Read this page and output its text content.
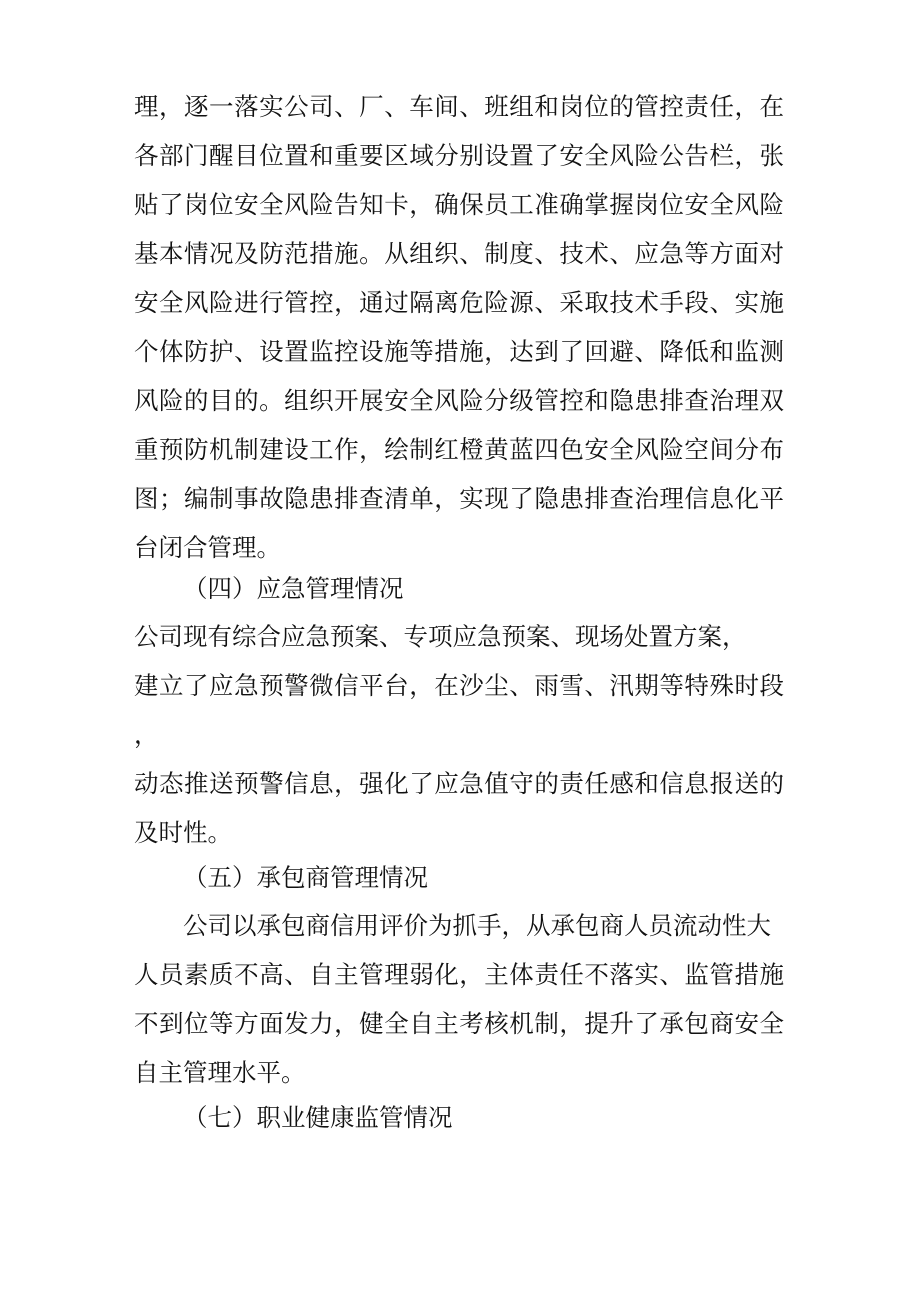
理，逐一落实公司、厂、车间、班组和岗位的管控责任，在
各部门醒目位置和重要区域分别设置了安全风险公告栏，张
贴了岗位安全风险告知卡，确保员工准确掌握岗位安全风险
基本情况及防范措施。从组织、制度、技术、应急等方面对
安全风险进行管控，通过隔离危险源、采取技术手段、实施
个体防护、设置监控设施等措施，达到了回避、降低和监测
风险的目的。组织开展安全风险分级管控和隐患排查治理双
重预防机制建设工作，绘制红橙黄蓝四色安全风险空间分布
图；编制事故隐患排查清单，实现了隐患排查治理信息化平
台闭合管理。
（四）应急管理情况
公司现有综合应急预案、专项应急预案、现场处置方案，
建立了应急预警微信平台，在沙尘、雨雪、汛期等特殊时段
，
动态推送预警信息，强化了应急值守的责任感和信息报送的
及时性。
（五）承包商管理情况
公司以承包商信用评价为抓手，从承包商人员流动性大
人员素质不高、自主管理弱化，主体责任不落实、监管措施
不到位等方面发力，健全自主考核机制，提升了承包商安全
自主管理水平。
（七）职业健康监管情况
